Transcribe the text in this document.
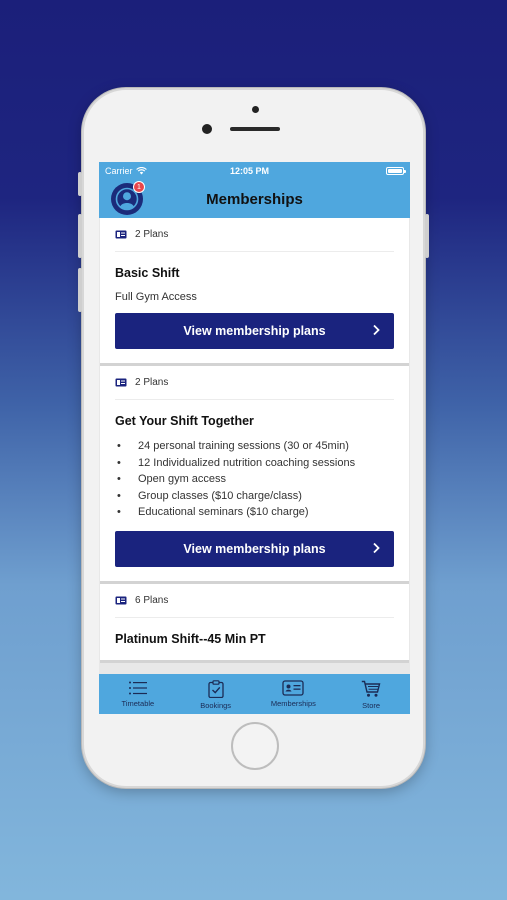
Carrier	12:05 PM
1
Memberships
2 Plans
Basic Shift
Full Gym Access
View membership plans
2 Plans
Get Your Shift Together
•	24 personal training sessions (30 or 45min)
•	12 Individualized nutrition coaching sessions
•	Open gym access
•	Group classes ($10 charge/class)
•	Educational seminars ($10 charge)
View membership plans
6 Plans
Platinum Shift--45 Min PT
Timetable	Bookings	Memberships	Store
